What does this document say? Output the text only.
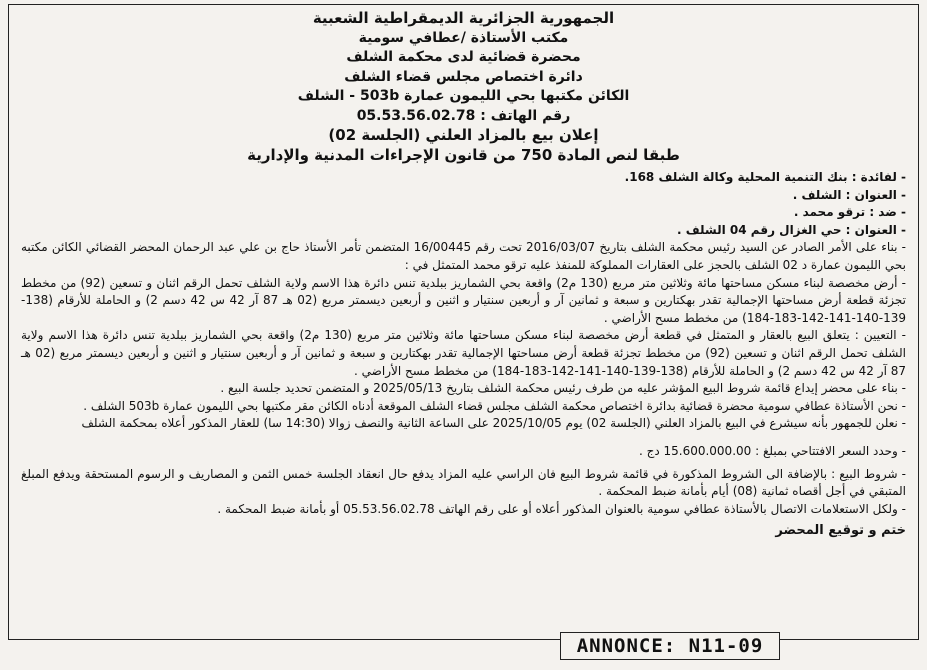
الجمهورية الجزائرية الديمقراطية الشعبية
مكتب الأستاذة /عطافي سومية
محضرة قضائية لدى محكمة الشلف
دائرة اختصاص مجلس قضاء الشلف
الكائن مكتبها بحي الليمون عمارة 503b - الشلف
رقم الهاتف : 05.53.56.02.78
إعلان بيع بالمزاد العلني (الجلسة 02)
طبقا لنص المادة 750 من قانون الإجراءات المدنية والإدارية

- لفائدة : بنك التنمية المحلية وكالة الشلف 168.

- العنوان : الشلف .

- ضد : ترقو محمد .

- العنوان : حي الغزال رقم 04 الشلف .

- بناء على الأمر الصادر عن السيد رئيس محكمة الشلف بتاريخ 2016/03/07 تحت رقم 16/00445 المتضمن تأمر الأستاذ حاج بن علي عبد الرحمان المحضر القضائي الكائن مكتبه بحي الليمون عمارة د 02 الشلف بالحجز على العقارات المملوكة للمنفذ عليه ترقو محمد المتمثل في :

- أرض مخصصة لبناء مسكن مساحتها مائة وثلاثين متر مربع (130 م2) واقعة بحي الشماريز ببلدية تنس دائرة هذا الاسم ولاية الشلف تحمل الرقم اثنان و تسعين (92) من مخطط تجزئة قطعة أرض مساحتها الإجمالية تقدر بهكتارين و سبعة و ثمانين آر و أربعين سنتيار و اثنين و أربعين ديسمتر مربع (02 هـ 87 آر 42 س 42 دسم 2) و الحاملة للأرقام (138-139-140-141-142-183-184) من مخطط مسح الأراضي .

- التعيين : يتعلق البيع بالعقار و المتمثل في قطعة أرض مخصصة لبناء مسكن مساحتها مائة وثلاثين متر مربع (130 م2) واقعة بحي الشماريز ببلدية تنس دائرة هذا الاسم ولاية الشلف تحمل الرقم اثنان و تسعين (92) من مخطط تجزئة قطعة أرض مساحتها الإجمالية تقدر بهكتارين و سبعة و ثمانين آر و أربعين سنتيار و اثنين و أربعين ديسمتر مربع (02 هـ 87 آر 42 س 42 دسم 2) و الحاملة للأرقام (138-139-140-141-142-183-184) من مخطط مسح الأراضي .

- بناء على محضر إيداع قائمة شروط البيع المؤشر عليه من طرف رئيس محكمة الشلف بتاريخ 2025/05/13 و المتضمن تحديد جلسة البيع .

- نحن الأستاذة عطافي سومية محضرة قضائية بدائرة اختصاص محكمة الشلف مجلس قضاء الشلف الموقعة أدناه الكائن مقر مكتبها بحي الليمون عمارة 503b الشلف .

- نعلن للجمهور بأنه سيشرع في البيع بالمزاد العلني (الجلسة 02) يوم 2025/10/05 على الساعة الثانية والنصف زوالا (14:30 سا) للعقار المذكور أعلاه بمحكمة الشلف

- وحدد السعر الافتتاحي بمبلغ : 15.600.000.00 دج .

- شروط البيع : بالإضافة الى الشروط المذكورة في قائمة شروط البيع فان الراسي عليه المزاد يدفع حال انعقاد الجلسة خمس الثمن و المصاريف و الرسوم المستحقة ويدفع المبلغ المتبقي في أجل أقصاه ثمانية (08) أيام بأمانة ضبط المحكمة .

- ولكل الاستعلامات الاتصال بالأستاذة عطافي سومية بالعنوان المذكور أعلاه أو على رقم الهاتف 05.53.56.02.78 أو بأمانة ضبط المحكمة .

ختم و توقيع المحضر
ANNONCE: N11-09
